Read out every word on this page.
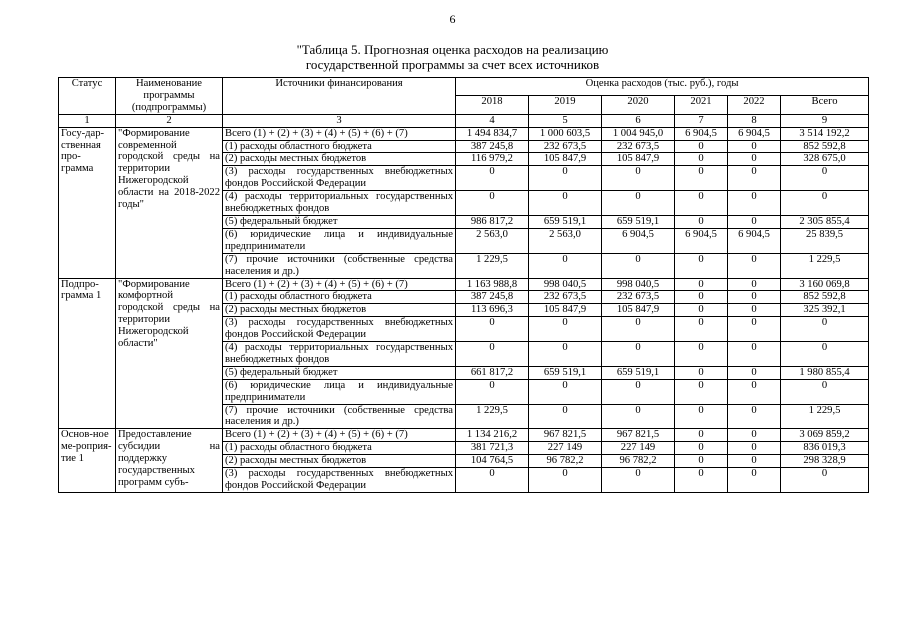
6
"Таблица 5. Прогнозная оценка расходов на реализацию
государственной программы за счет всех источников
Статус	Наименование программы (подпрограммы)	Источники финансирования	Оценка расходов (тыс. руб.), годы					
			2018	2019	2020	2021	2022	Всего
1	2	3	4	5	6	7	8	9
Госу-дар-ственная про-грамма	"Формирование современной городской среды на территории Нижегородской области на 2018-2022 годы"	Всего (1) + (2) + (3) + (4) + (5) + (6) + (7)	1 494 834,7	1 000 603,5	1 004 945,0	6 904,5	6 904,5	3 514 192,2
		(1) расходы областного бюджета	387 245,8	232 673,5	232 673,5	0	0	852 592,8
		(2) расходы местных бюджетов	116 979,2	105 847,9	105 847,9	0	0	328 675,0
		(3) расходы государственных внебюджетных фондов Российской Федерации	0	0	0	0	0	0
		(4) расходы территориальных государственных внебюджетных фондов	0	0	0	0	0	0
		(5) федеральный бюджет	986 817,2	659 519,1	659 519,1	0	0	2 305 855,4
		(6) юридические лица и индивидуальные предприниматели	2 563,0	2 563,0	6 904,5	6 904,5	6 904,5	25 839,5
		(7) прочие источники (собственные средства населения и др.)	1 229,5	0	0	0	0	1 229,5
Подпро-грамма 1	"Формирование комфортной городской среды на территории Нижегородской области"	Всего (1) + (2) + (3) + (4) + (5) + (6) + (7)	1 163 988,8	998 040,5	998 040,5	0	0	3 160 069,8
		(1) расходы областного бюджета	387 245,8	232 673,5	232 673,5	0	0	852 592,8
		(2) расходы местных бюджетов	113 696,3	105 847,9	105 847,9	0	0	325 392,1
		(3) расходы государственных внебюджетных фондов Российской Федерации	0	0	0	0	0	0
		(4) расходы территориальных государственных внебюджетных фондов	0	0	0	0	0	0
		(5) федеральный бюджет	661 817,2	659 519,1	659 519,1	0	0	1 980 855,4
		(6) юридические лица и индивидуальные предприниматели	0	0	0	0	0	0
		(7) прочие источники (собственные средства населения и др.)	1 229,5	0	0	0	0	1 229,5
Основ-ное ме-роприя-тие 1	Предоставление субсидии на поддержку государственных программ субъ-	Всего (1) + (2) + (3) + (4) + (5) + (6) + (7)	1 134 216,2	967 821,5	967 821,5	0	0	3 069 859,2
		(1) расходы областного бюджета	381 721,3	227 149	227 149	0	0	836 019,3
		(2) расходы местных бюджетов	104 764,5	96 782,2	96 782,2	0	0	298 328,9
		(3) расходы государственных внебюджетных фондов Российской Федерации	0	0	0	0	0	0
